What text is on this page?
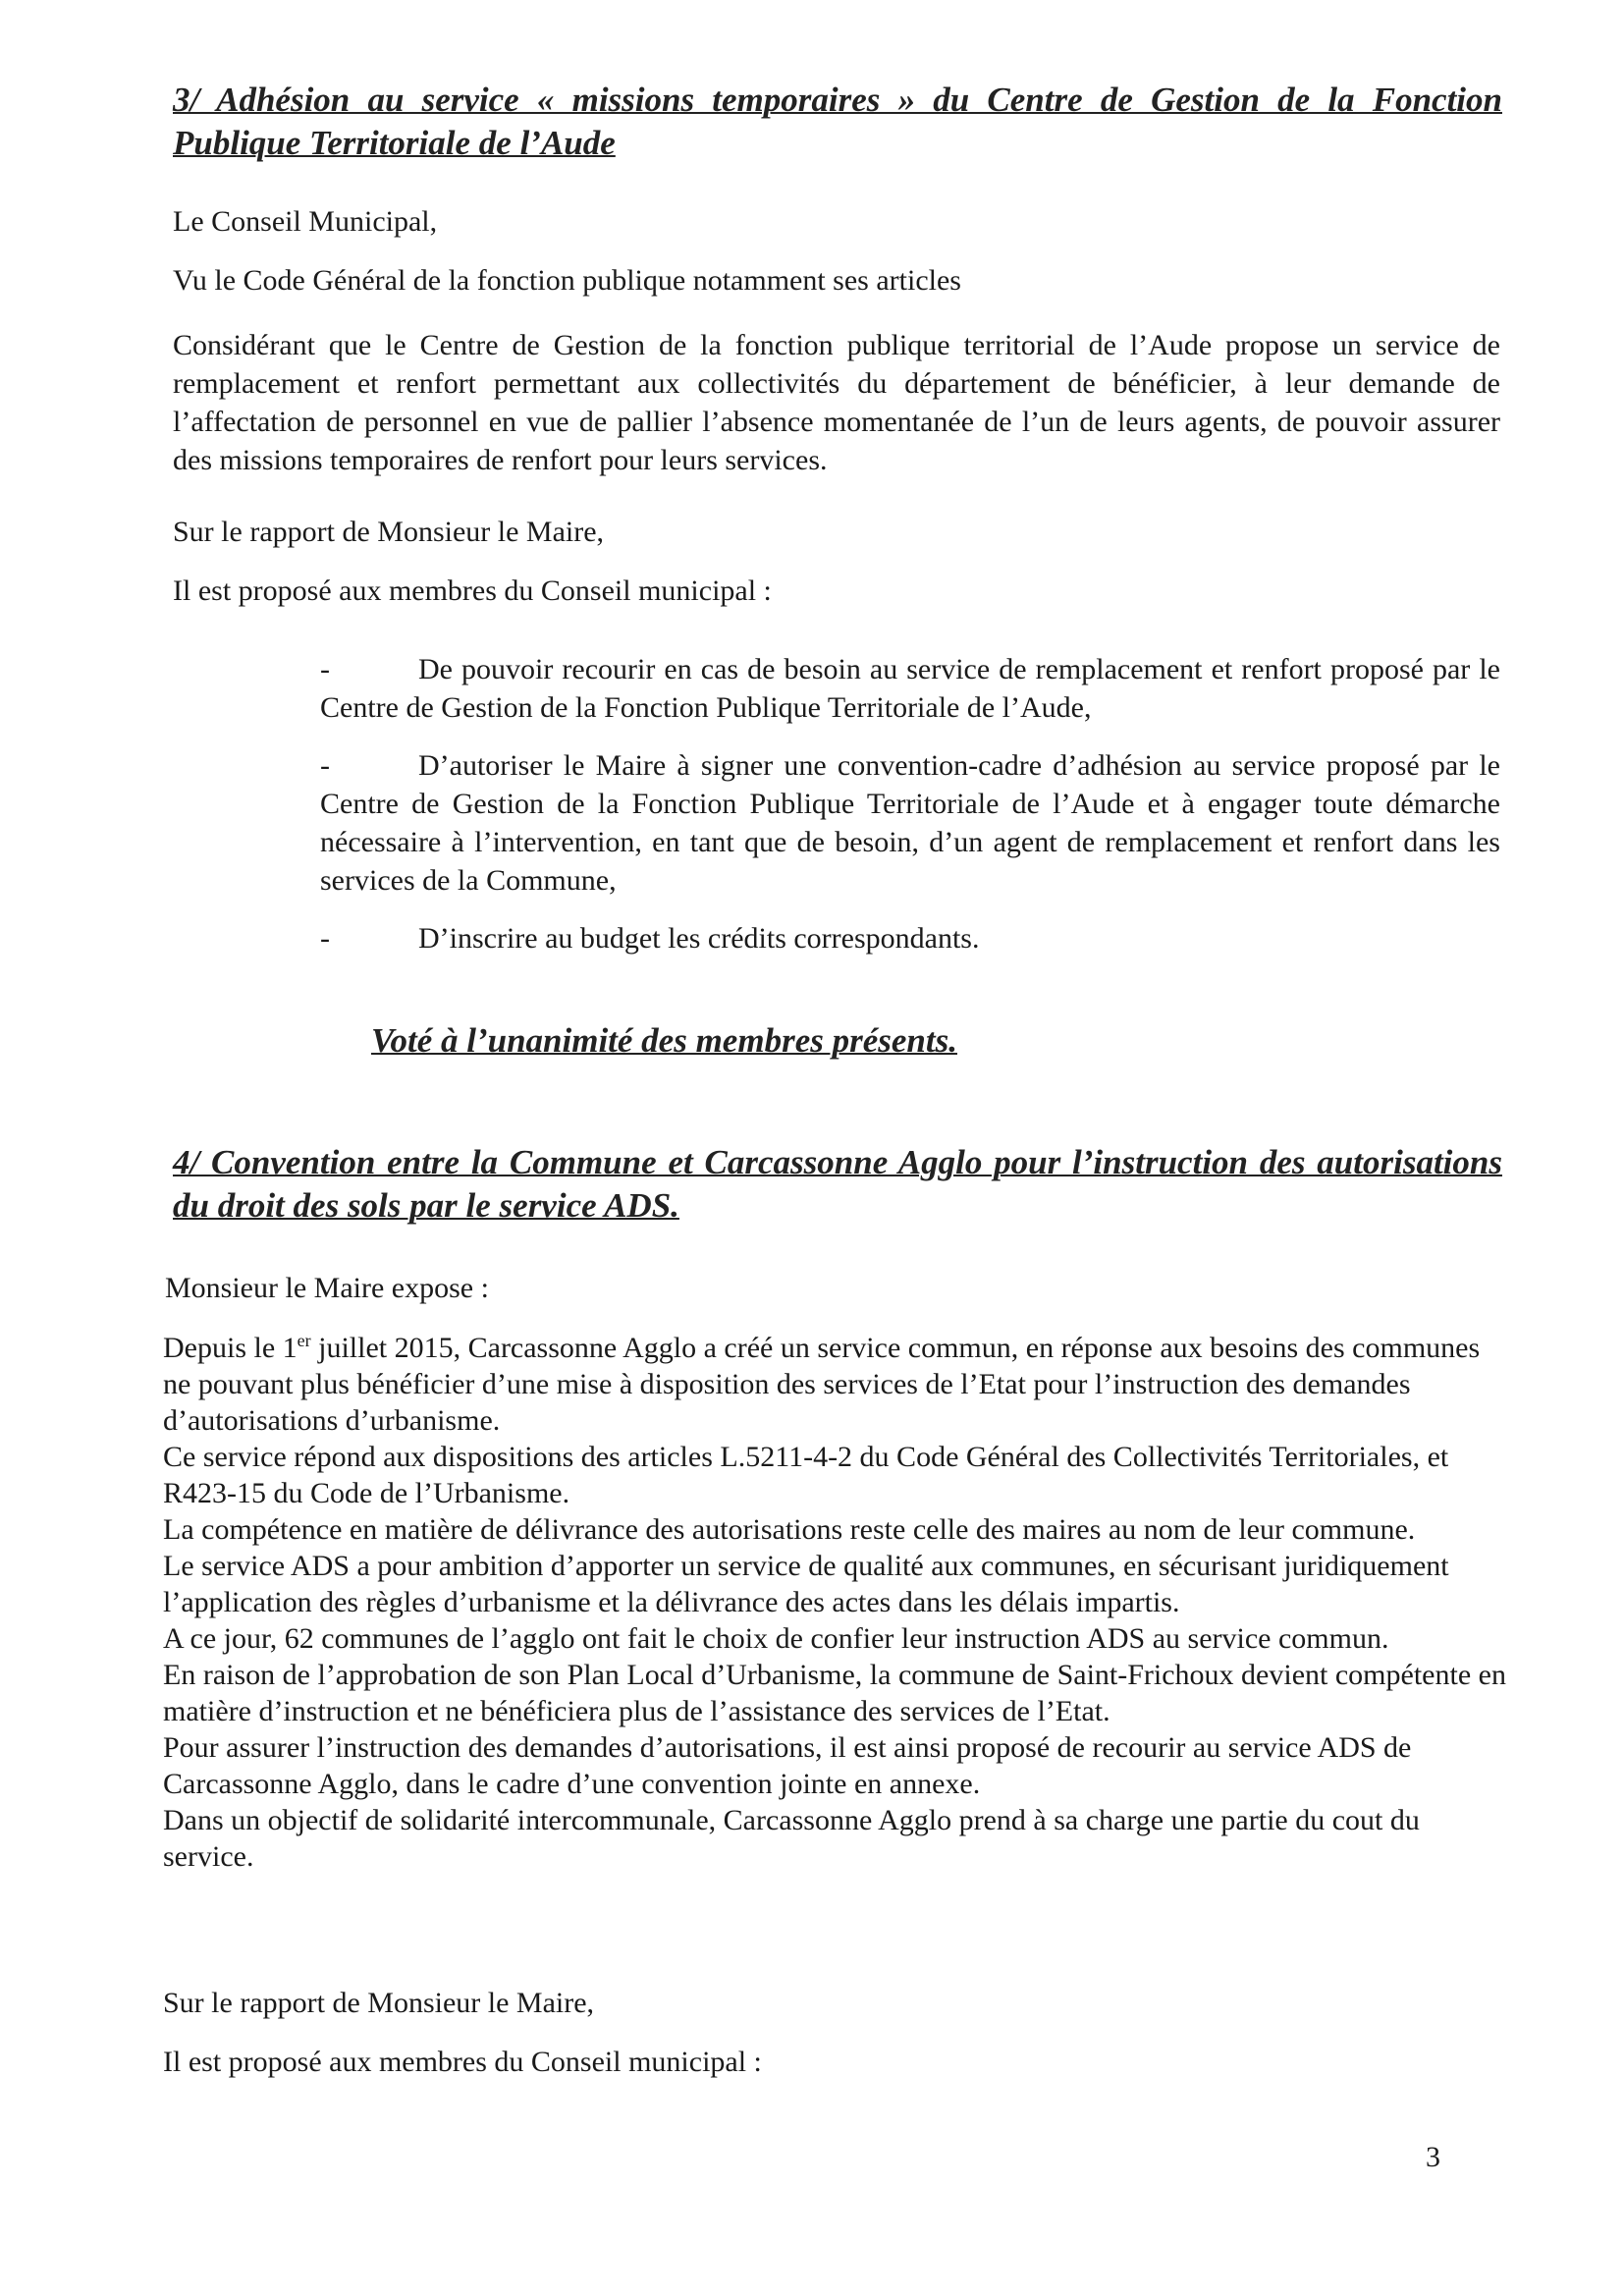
3/ Adhésion au service « missions temporaires » du Centre de Gestion de la Fonction Publique Territoriale de l’Aude

Le Conseil Municipal,

Vu le Code Général de la fonction publique notamment ses articles

Considérant que le Centre de Gestion de la fonction publique territorial de l’Aude propose un service de remplacement et renfort permettant aux collectivités du département de bénéficier, à leur demande de l’affectation de personnel en vue de pallier l’absence momentanée de l’un de leurs agents, de pouvoir assurer des missions temporaires de renfort pour leurs services.

Sur le rapport de Monsieur le Maire,

Il est proposé aux membres du Conseil municipal :

-	De pouvoir recourir en cas de besoin au service de remplacement et renfort proposé par le Centre de Gestion de la Fonction Publique Territoriale de l’Aude,
-	D’autoriser le Maire à signer une convention-cadre d’adhésion au service proposé par le Centre de Gestion de la Fonction Publique Territoriale de l’Aude et à engager toute démarche nécessaire à l’intervention, en tant que de besoin, d’un agent de remplacement et renfort dans les services de la Commune,
-	D’inscrire au budget les crédits correspondants.
Voté à l’unanimité des membres présents.
4/ Convention entre la Commune et Carcassonne Agglo pour l’instruction des autorisations du droit des sols par le service ADS.

Monsieur le Maire expose :

Depuis le 1er juillet 2015, Carcassonne Agglo a créé un service commun, en réponse aux besoins des communes ne pouvant plus bénéficier d’une mise à disposition des services de l’Etat pour l’instruction des demandes d’autorisations d’urbanisme.

Ce service répond aux dispositions des articles L.5211-4-2 du Code Général des Collectivités Territoriales, et R423-15 du Code de l’Urbanisme.

La compétence en matière de délivrance des autorisations reste celle des maires au nom de leur commune.

Le service ADS a pour ambition d’apporter un service de qualité aux communes, en sécurisant juridiquement l’application des règles d’urbanisme et la délivrance des actes dans les délais impartis.

A ce jour, 62 communes de l’agglo ont fait le choix de confier leur instruction ADS au service commun.

En raison de l’approbation de son Plan Local d’Urbanisme, la commune de Saint-Frichoux devient compétente en matière d’instruction et ne bénéficiera plus de l’assistance des services de l’Etat.

Pour assurer l’instruction des demandes d’autorisations, il est ainsi proposé de recourir au service ADS de Carcassonne Agglo, dans le cadre d’une convention jointe en annexe.

Dans un objectif de solidarité intercommunale, Carcassonne Agglo prend à sa charge une partie du cout du service.

Sur le rapport de Monsieur le Maire,

Il est proposé aux membres du Conseil municipal :

3
